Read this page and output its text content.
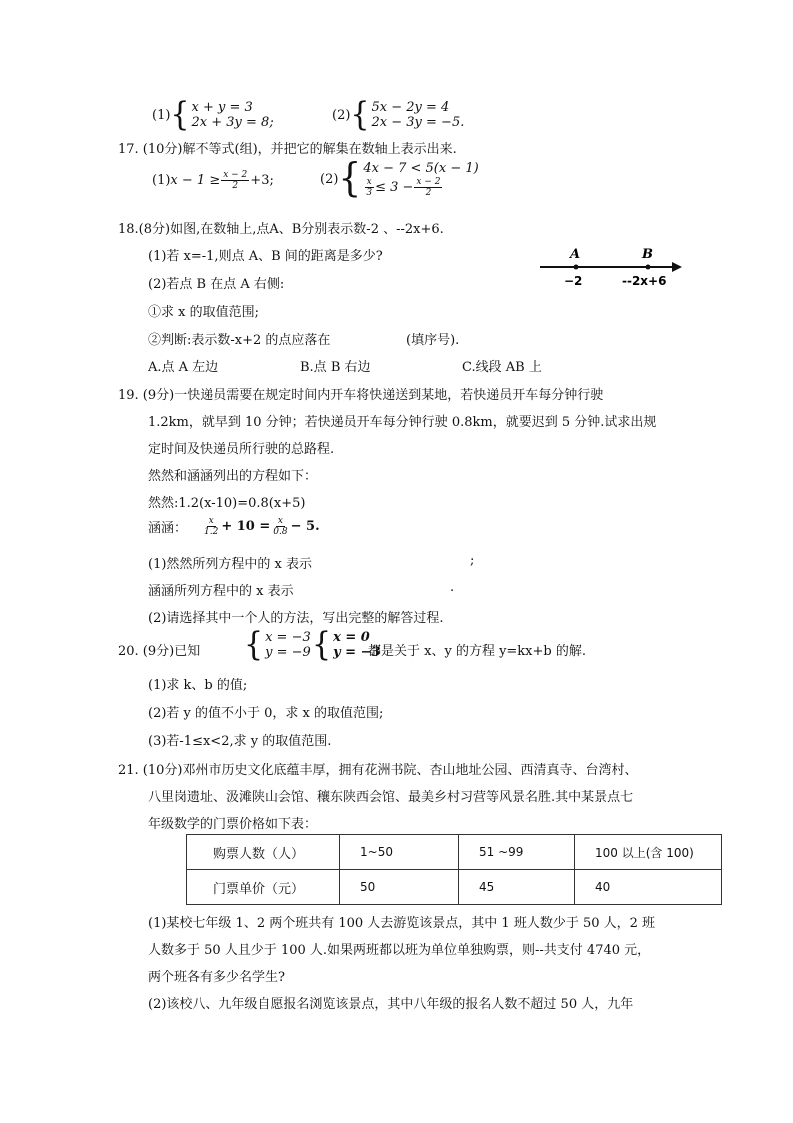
(1) { x + y = 3
2x + 3y = 8;	(2) { 5x − 2y = 4
2x − 3y = −5.
17. (10分)解不等式(组)，并把它的解集在数轴上表示出来.
(1) $x - 1 \ge \frac{x - 2}{2} +3$;	(2) { 4x − 7 < 5(x − 1)
$\frac{x}{3} \le 3 - \frac{x - 2}{2}$
18.(8分)如图,在数轴上,点A、B分别表示数-2 、--2x+6.
(1)若 x=-1,则点 A、B 间的距离是多少?
(2)若点 B 在点 A 右侧:
①求 x 的取值范围;
②判断:表示数-x+2 的点应落在	(填序号).
A.点 A 左边	B.点 B 右边	C.线段 AB 上
A	B
−2	--2x+6
19. (9分)一快递员需要在规定时间内开车将快递送到某地，若快递员开车每分钟行驶
1.2km，就早到 10 分钟；若快递员开车每分钟行驶 0.8km，就要迟到 5 分钟.试求出规
定时间及快递员所行驶的总路程.
然然和涵涵列出的方程如下：
然然:1.2(x-10)=0.8(x+5)
涵涵： $\frac{x}{1.2} + 10 = \frac{x}{0.8} - 5$.
(1)然然所列方程中的 x 表示	;
涵涵所列方程中的 x 表示	.
(2)请选择其中一个人的方法，写出完整的解答过程.
20. (9分)已知 { x = −3
y = −9 { x = 0
y = −3
都是关于 x、y 的方程 y=kx+b 的解.
(1)求 k、b 的值;
(2)若 y 的值不小于 0，求 x 的取值范围;
(3)若-1≤x<2,求 y 的取值范围.
21. (10分)邓州市历史文化底蕴丰厚，拥有花洲书院、杏山地址公园、西清真寺、台湾村、
八里岗遗址、汲滩陕山会馆、穰东陕西会馆、最美乡村习营等风景名胜.其中某景点七
年级数学的门票价格如下表：
购票人数（人）	1~50	51 ~99	100 以上(含 100)
门票单价（元）	50	45	40
(1)某校七年级 1、2 两个班共有 100 人去游览该景点，其中 1 班人数少于 50 人，2 班
人数多于 50 人且少于 100 人.如果两班都以班为单位单独购票，则--共支付 4740 元，
两个班各有多少名学生?
(2)该校八、九年级自愿报名浏览该景点，其中八年级的报名人数不超过 50 人，九年
